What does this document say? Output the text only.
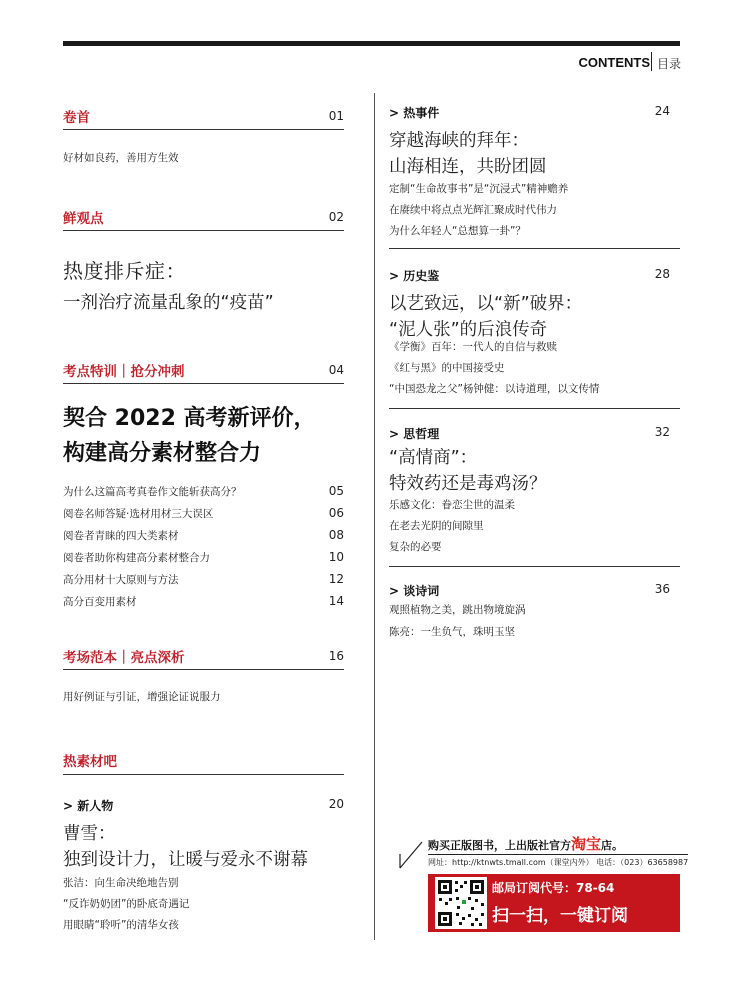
CONTENTS 目录
卷首	01
好材如良药，善用方生效
鲜观点	02
热度排斥症：
一剂治疗流量乱象的“疫苗”
考点特训｜抢分冲刺	04
契合 2022 高考新评价，
构建高分素材整合力
为什么这篇高考真卷作文能斩获高分？	05
阅卷名师答疑·选材用材三大误区	06
阅卷者青睐的四大类素材	08
阅卷者助你构建高分素材整合力	10
高分用材十大原则与方法	12
高分百变用素材	14
考场范本｜亮点深析	16
用好例证与引证，增强论证说服力
热素材吧
> 新人物	20
曹雪：
独到设计力，让暖与爱永不谢幕
张洁：向生命决绝地告别
“反诈奶奶团”的卧底奇遇记
用眼睛“聆听”的清华女孩
> 热事件	24
穿越海峡的拜年：
山海相连，共盼团圆
定制“生命故事书”是“沉浸式”精神赡养
在赓续中将点点光辉汇聚成时代伟力
为什么年轻人“总想算一卦”？
> 历史鉴	28
以艺致远，以“新”破界：
“泥人张”的后浪传奇
《学衡》百年：一代人的自信与救赎
《红与黑》的中国接受史
“中国恐龙之父”杨钟健：以诗道理，以文传情
> 思哲理	32
“高情商”：
特效药还是毒鸡汤？
乐感文化：眷恋尘世的温柔
在老去光阴的间隙里
复杂的必要
> 谈诗词	36
观照植物之美，跳出物境旋涡
陈亮：一生负气，珠明玉坚
购买正版图书，上出版社官方淘宝店。
网址：http://ktnwts.tmall.com（课堂内外） 电话：（023）63658987
邮局订阅代号：78-64
扫一扫，一键订阅
